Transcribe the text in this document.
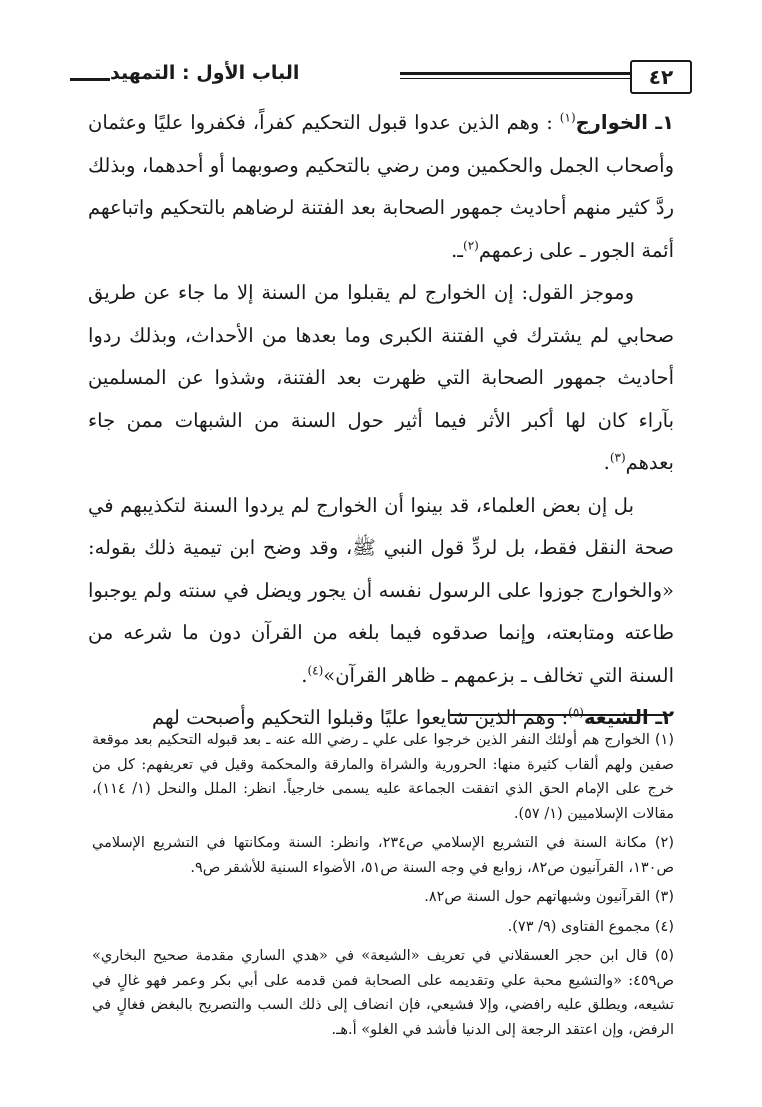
٤٢
الباب الأول : التمهيد

١ـ الخوارج$^{(١)}$ : وهم الذين عدوا قبول التحكيم كفراً، فكفروا عليًا وعثمان وأصحاب الجمل والحكمين ومن رضي بالتحكيم وصوبهما أو أحدهما، وبذلك ردَّ كثير منهم أحاديث جمهور الصحابة بعد الفتنة لرضاهم بالتحكيم واتباعهم أئمة الجور ـ على زعمهم$^{(٢)}$ـ.

وموجز القول: إن الخوارج لم يقبلوا من السنة إلا ما جاء عن طريق صحابي لم يشترك في الفتنة الكبرى وما بعدها من الأحداث، وبذلك ردوا أحاديث جمهور الصحابة التي ظهرت بعد الفتنة، وشذوا عن المسلمين بآراء كان لها أكبر الأثر فيما أثير حول السنة من الشبهات ممن جاء بعدهم$^{(٣)}$.

بل إن بعض العلماء، قد بينوا أن الخوارج لم يردوا السنة لتكذيبهم في صحة النقل فقط، بل لردِّ قول النبي ﷺ، وقد وضح ابن تيمية ذلك بقوله: «والخوارج جوزوا على الرسول نفسه أن يجور ويضل في سنته ولم يوجبوا طاعته ومتابعته، وإنما صدقوه فيما بلغه من القرآن دون ما شرعه من السنة التي تخالف ـ بزعمهم ـ ظاهر القرآن»$^{(٤)}$.

٢ـ الشيعة$^{(٥)}$: وهم الذين شايعوا عليًا وقبلوا التحكيم وأصبحت لهم

(١) الخوارج هم أولئك النفر الذين خرجوا على علي ـ رضي الله عنه ـ بعد قبوله التحكيم بعد موقعة صفين ولهم ألقاب كثيرة منها: الحرورية والشراة والمارقة والمحكمة وقيل في تعريفهم: كل من خرج على الإمام الحق الذي اتفقت الجماعة عليه يسمى خارجياً. انظر: الملل والنحل (١/ ١١٤)، مقالات الإسلاميين (١/ ٥٧).

(٢) مكانة السنة في التشريع الإسلامي ص٢٣٤، وانظر: السنة ومكانتها في التشريع الإسلامي ص١٣٠، القرآنيون ص٨٢، زوابع في وجه السنة ص٥١، الأضواء السنية للأشقر ص٩.

(٣) القرآنيون وشبهاتهم حول السنة ص٨٢.

(٤) مجموع الفتاوى (٩/ ٧٣).

(٥) قال ابن حجر العسقلاني في تعريف «الشيعة» في «هدي الساري مقدمة صحيح البخاري» ص٤٥٩: «والتشيع محبة علي وتقديمه على الصحابة فمن قدمه على أبي بكر وعمر فهو غالٍ في تشيعه، ويطلق عليه رافضي، وإلا فشيعي، فإن انضاف إلى ذلك السب والتصريح بالبغض فغالٍ في الرفض، وإن اعتقد الرجعة إلى الدنيا فأشد في الغلو» أ.هـ.
